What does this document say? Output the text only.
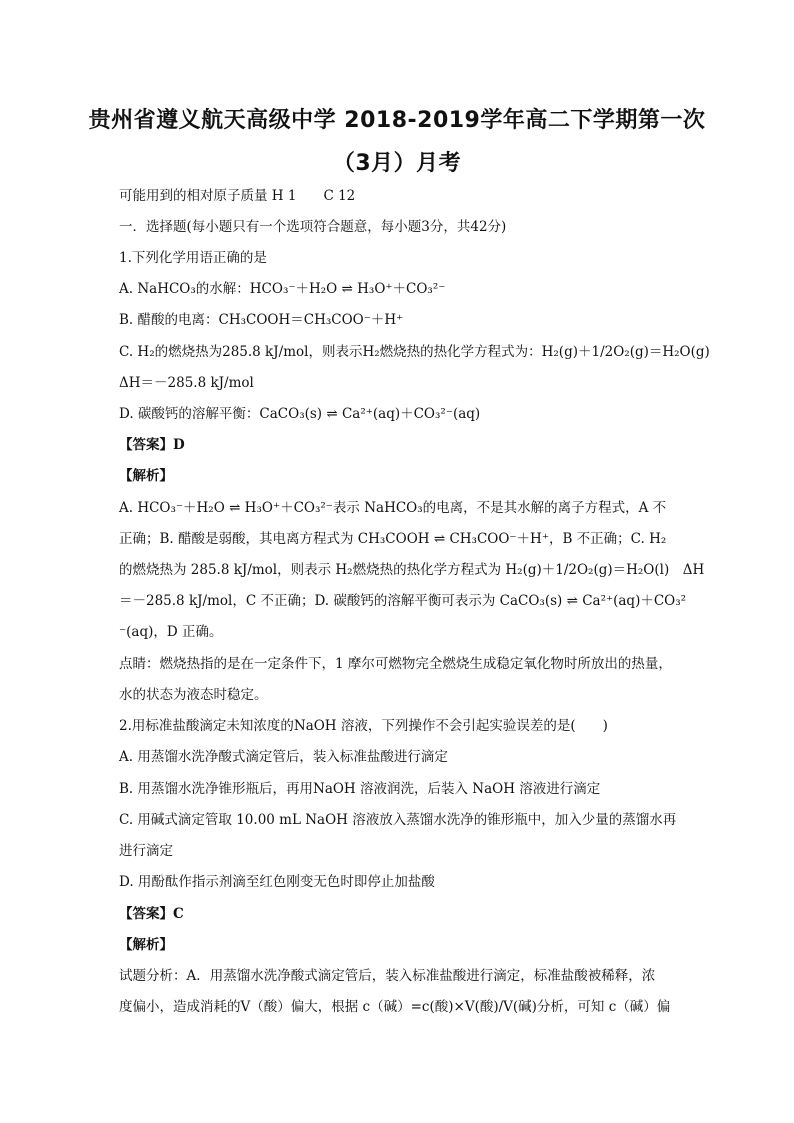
贵州省遵义航天高级中学 2018-2019学年高二下学期第一次
（3月）月考
可能用到的相对原子质量 H 1　　C 12
一．选择题(每小题只有一个选项符合题意，每小题3分，共42分)
1.下列化学用语正确的是
A. NaHCO₃的水解：HCO₃⁻＋H₂O ⇌ H₃O⁺＋CO₃²⁻
B. 醋酸的电离：CH₃COOH＝CH₃COO⁻＋H⁺
C. H₂的燃烧热为285.8 kJ/mol，则表示H₂燃烧热的热化学方程式为：H₂(g)＋1/2O₂(g)＝H₂O(g)
ΔH＝－285.8 kJ/mol
D. 碳酸钙的溶解平衡：CaCO₃(s) ⇌ Ca²⁺(aq)＋CO₃²⁻(aq)
【答案】D
【解析】
A. HCO₃⁻＋H₂O ⇌ H₃O⁺＋CO₃²⁻表示 NaHCO₃的电离，不是其水解的离子方程式，A 不
正确；B. 醋酸是弱酸，其电离方程式为 CH₃COOH ⇌ CH₃COO⁻＋H⁺，B 不正确；C. H₂
的燃烧热为 285.8 kJ/mol，则表示 H₂燃烧热的热化学方程式为 H₂(g)＋1/2O₂(g)＝H₂O(l)　ΔH
＝－285.8 kJ/mol，C 不正确；D. 碳酸钙的溶解平衡可表示为 CaCO₃(s) ⇌ Ca²⁺(aq)＋CO₃²
⁻(aq)，D 正确。
点睛：燃烧热指的是在一定条件下，1 摩尔可燃物完全燃烧生成稳定氧化物时所放出的热量，
水的状态为液态时稳定。
2.用标准盐酸滴定未知浓度的NaOH 溶液，下列操作不会引起实验误差的是(　　)
A. 用蒸馏水洗净酸式滴定管后，装入标准盐酸进行滴定
B. 用蒸馏水洗净锥形瓶后，再用NaOH 溶液润洗，后装入 NaOH 溶液进行滴定
C. 用碱式滴定管取 10.00 mL NaOH 溶液放入蒸馏水洗净的锥形瓶中，加入少量的蒸馏水再
进行滴定
D. 用酚酞作指示剂滴至红色刚变无色时即停止加盐酸
【答案】C
【解析】
试题分析：A．用蒸馏水洗净酸式滴定管后，装入标准盐酸进行滴定，标准盐酸被稀释，浓
度偏小，造成消耗的V（酸）偏大，根据 c（碱）=c(酸)×V(酸)/V(碱)分析，可知 c（碱）偏
